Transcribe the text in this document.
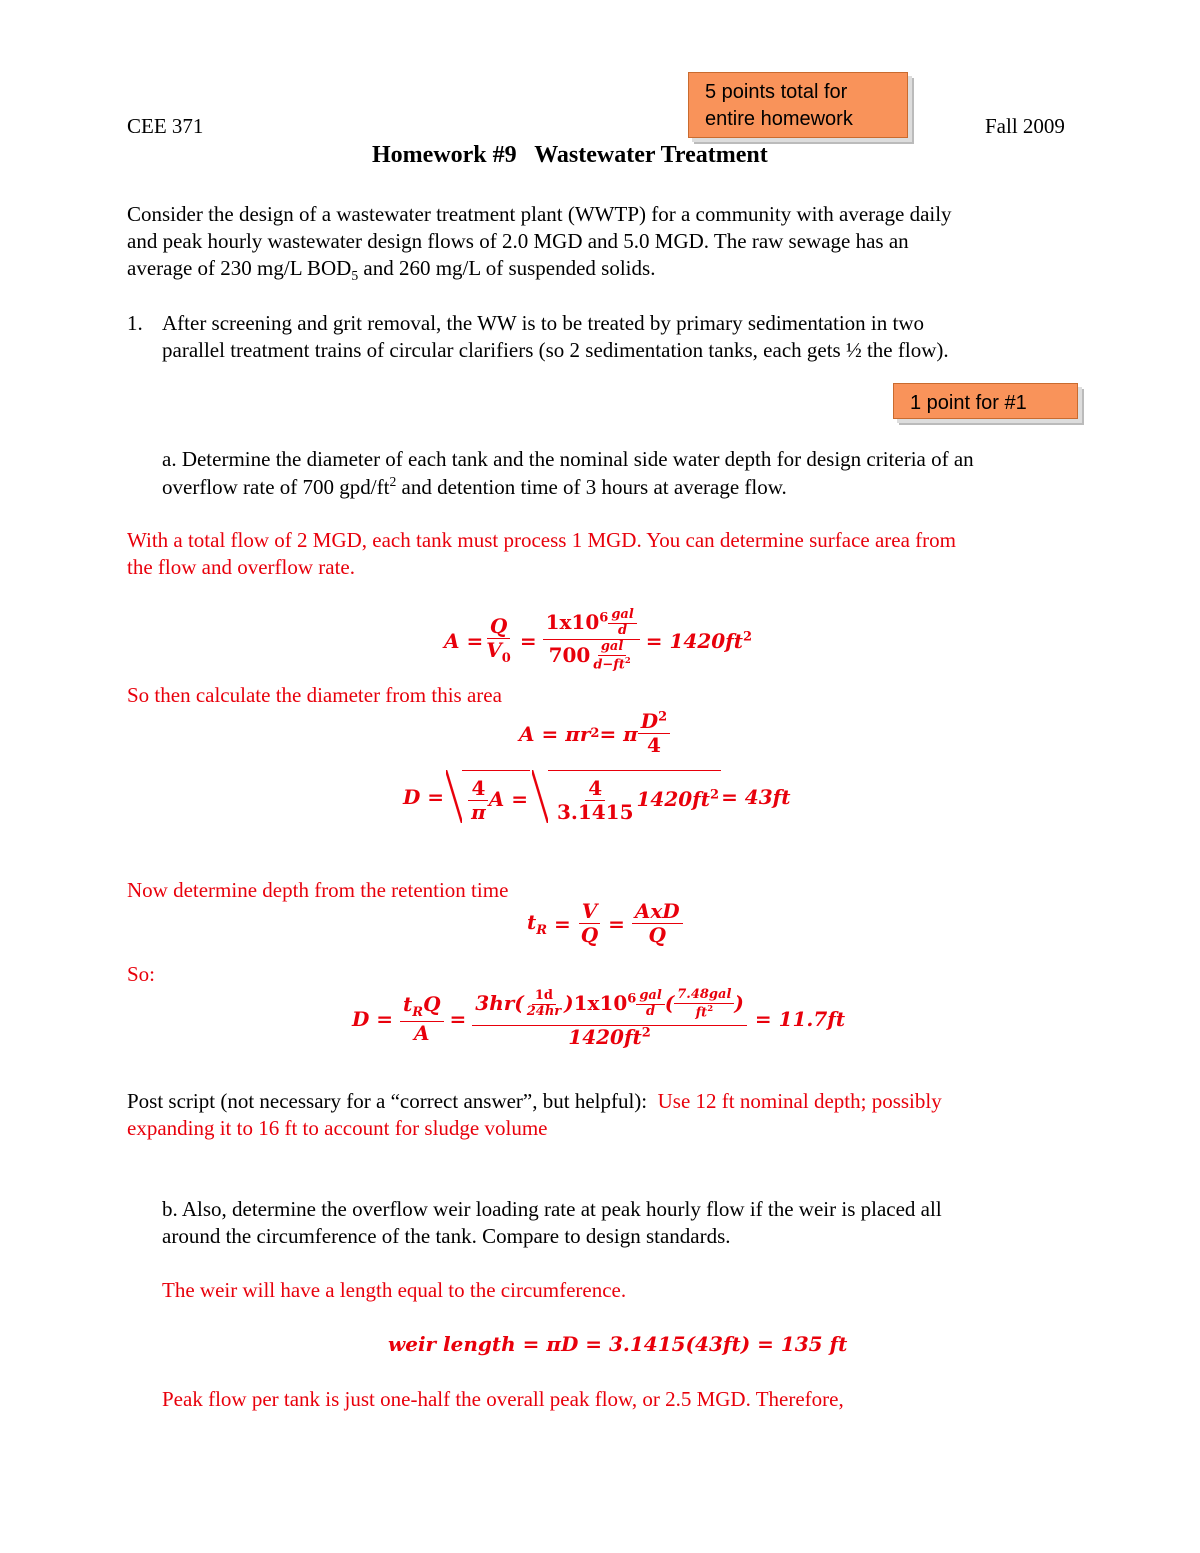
CEE 371	Fall 2009
Homework #9   Wastewater Treatment
5 points total for
entire homework
1 point for #1
Consider the design of a wastewater treatment plant (WWTP) for a community with average daily
and peak hourly wastewater design flows of 2.0 MGD and 5.0 MGD. The raw sewage has an
average of 230 mg/L $BOD_5$ and 260 mg/L of suspended solids.
1. After screening and grit removal, the WW is to be treated by primary sedimentation in two
parallel treatment trains of circular clarifiers (so 2 sedimentation tanks, each gets ½ the flow).
a. Determine the diameter of each tank and the nominal side water depth for design criteria of an
overflow rate of 700 gpd/$ft^2$ and detention time of 3 hours at average flow.
With a total flow of 2 MGD, each tank must process 1 MGD. You can determine surface area from
the flow and overflow rate.
$A = \frac{Q}{V_0} = \frac{1x10^6 \frac{\text{gal}}{d}}{700 \frac{\text{gal}}{d-ft^2}} = 1420ft^2$
So then calculate the diameter from this area
A = πr 2 = π $\frac{D^2}{4}$
$D = \frac{4}{\pi}$ $A = \frac{4}{3.1415} 1420ft^2 = 43ft$
Now determine depth from the retention time
$t_R = \frac{V}{Q} = \frac{\text{AxD}}{Q}$
So:
$D = \frac{t_RQ}{A} = \frac{3hr( \frac{1d}{24hr} )1x10^6 \frac{\text{gal}}{d} ( \frac{\text{7.48gal}}{ft^2} )}{1420ft^2} = 11.7ft$
Post script (not necessary for a “correct answer”, but helpful): Use 12 ft nominal depth; possibly
expanding it to 16 ft to account for sludge volume
b. Also, determine the overflow weir loading rate at peak hourly flow if the weir is placed all
around the circumference of the tank. Compare to design standards.
The weir will have a length equal to the circumference.
weir length = πD = 3.1415(43ft) = 135 ft
Peak flow per tank is just one-half the overall peak flow, or 2.5 MGD. Therefore,
